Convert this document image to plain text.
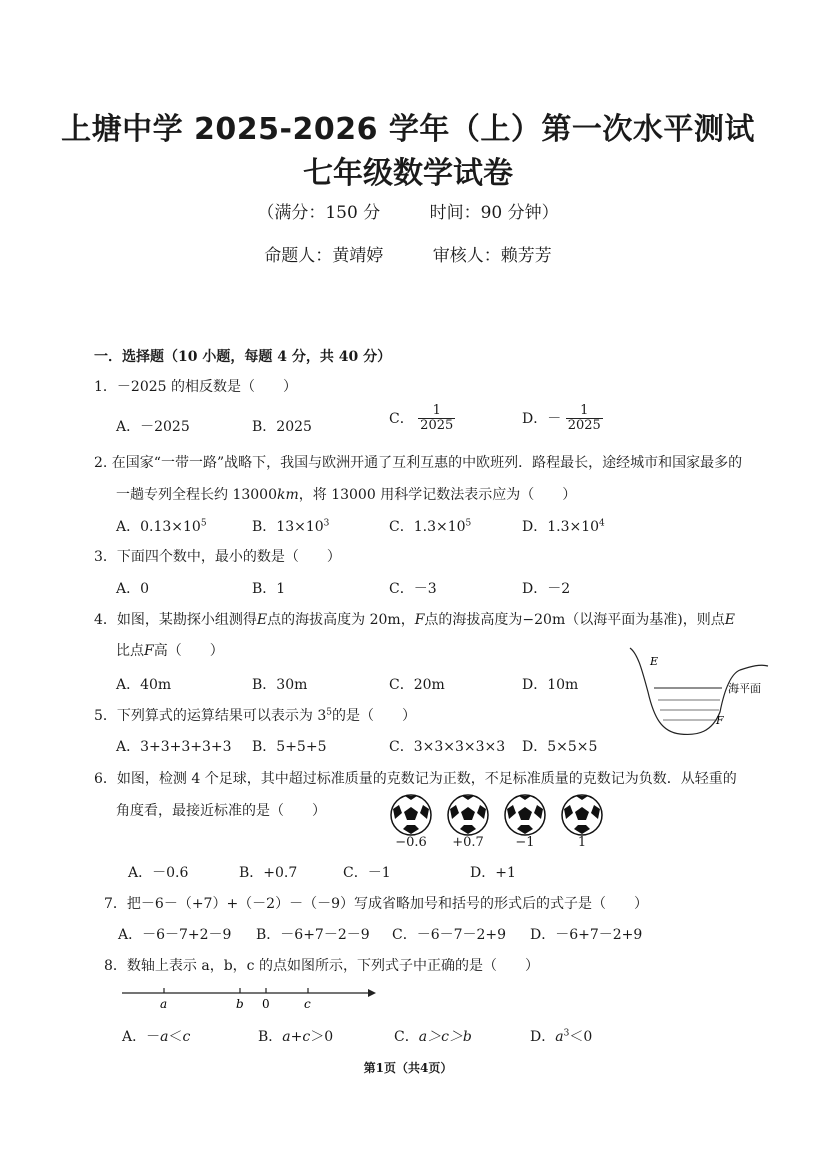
上塘中学 2025-2026 学年（上）第一次水平测试
七年级数学试卷
（满分：150 分	时间：90 分钟）
命题人：黄靖婷	审核人：赖芳芳
一．选择题（10 小题，每题 4 分，共 40 分）
1．－2025 的相反数是（　　）
A．－2025	B．2025	C． $\frac{1}{2025}$	D．－ $\frac{1}{2025}$
2. 在国家“一带一路”战略下，我国与欧洲开通了互利互惠的中欧班列．路程最长，途经城市和国家最多的
一趟专列全程长约 13000km，将 13000 用科学记数法表示应为（　　）
A．$0.13\times 10^5$	B．$13\times 10^3$	C．$1.3\times 10^5$	D．$1.3\times 10^4$
3．下面四个数中，最小的数是（　　）
A．0	B．1	C．－3	D．－2
4．如图，某勘探小组测得E点的海拔高度为 20m，F点的海拔高度为−20m（以海平面为基准)，则点E
比点F高（　　）
A．40m	B．30m	C．20m	D．10m
E
F
海平面
5．下列算式的运算结果可以表示为 $3^5$的是（　　）
A．3+3+3+3+3 B．5+5+5	C．3×3×3×3×3 D．5×5×5
6．如图，检测 4 个足球，其中超过标准质量的克数记为正数，不足标准质量的克数记为负数．从轻重的
角度看，最接近标准的是（　　）
−0.6	+0.7	−1	1
A．－0.6	B．+0.7	C．－1	D．+1
7．把－6－（+7）+（－2）－（－9）写成省略加号和括号的形式后的式子是（　　）
A．－6－7+2－9 B．－6+7－2－9 C．－6－7－2+9 D．－6+7－2+9
8．数轴上表示 a，b，c 的点如图所示，下列式子中正确的是（　　）
a	b 0	c
A．－a＜c	B．a+c＞0	C．a＞c＞b	D．$a^3<0$
第1页（共4页）
